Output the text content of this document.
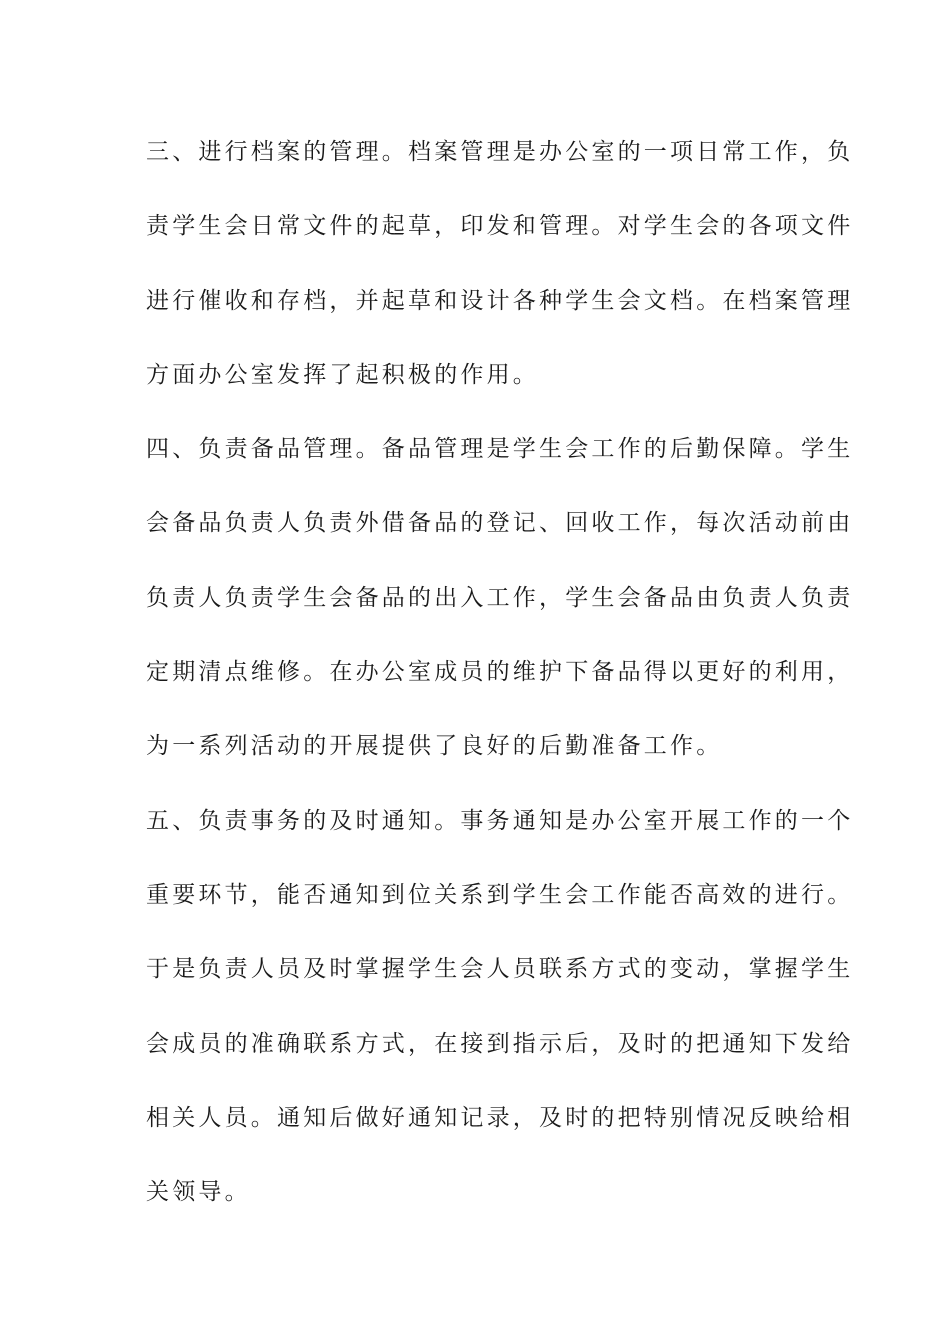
三、进行档案的管理。档案管理是办公室的一项日常工作，负
责学生会日常文件的起草，印发和管理。对学生会的各项文件
进行催收和存档，并起草和设计各种学生会文档。在档案管理
方面办公室发挥了起积极的作用。
四、负责备品管理。备品管理是学生会工作的后勤保障。学生
会备品负责人负责外借备品的登记、回收工作，每次活动前由
负责人负责学生会备品的出入工作，学生会备品由负责人负责
定期清点维修。在办公室成员的维护下备品得以更好的利用，
为一系列活动的开展提供了良好的后勤准备工作。
五、负责事务的及时通知。事务通知是办公室开展工作的一个
重要环节，能否通知到位关系到学生会工作能否高效的进行。
于是负责人员及时掌握学生会人员联系方式的变动，掌握学生
会成员的准确联系方式，在接到指示后，及时的把通知下发给
相关人员。通知后做好通知记录，及时的把特别情况反映给相
关领导。
